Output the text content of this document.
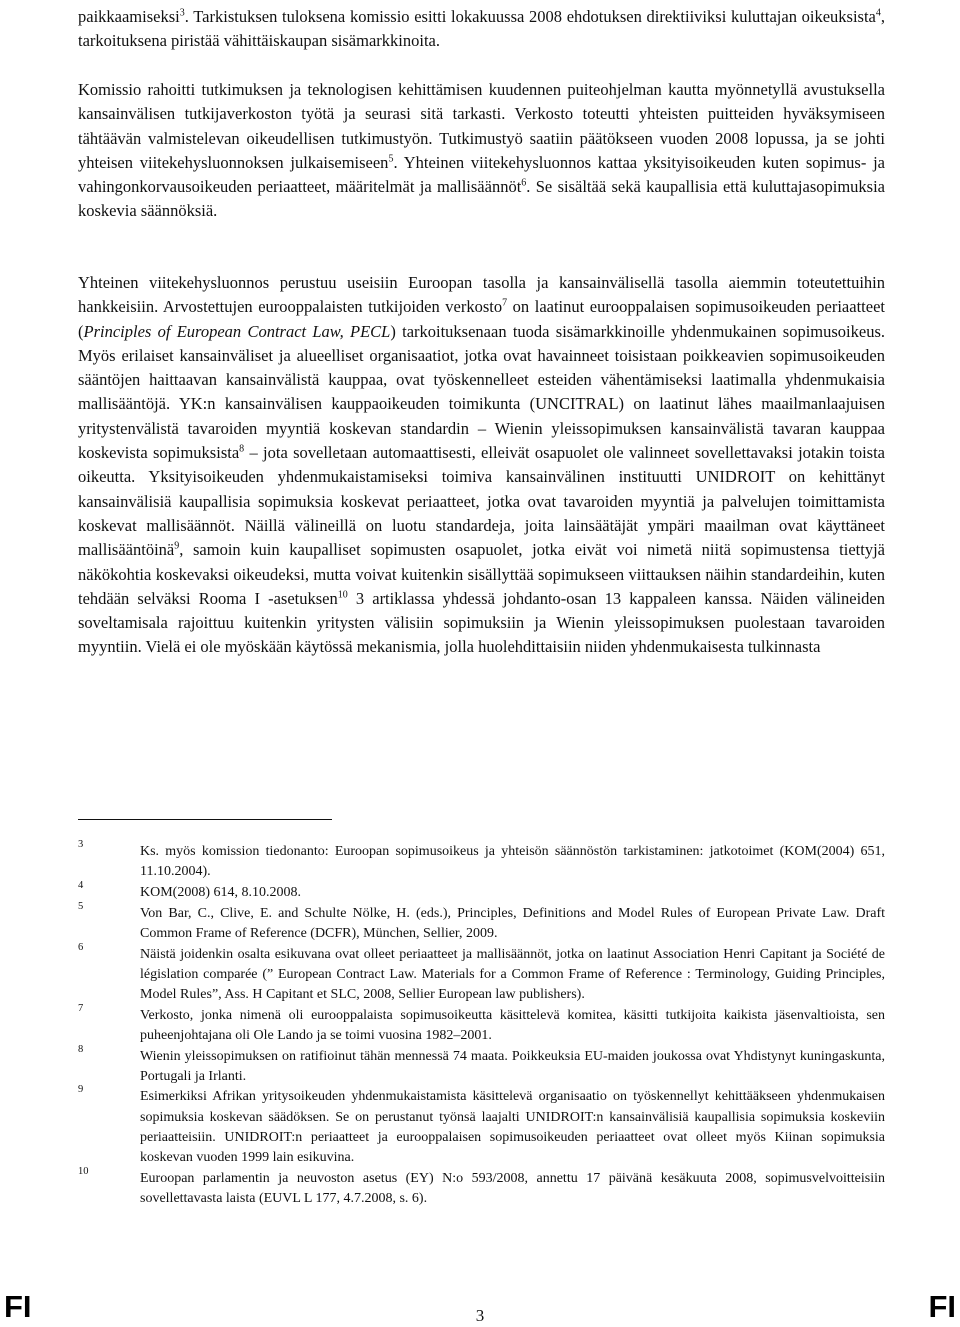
paikkaamiseksi$^3$. Tarkistuksen tuloksena komissio esitti lokakuussa 2008 ehdotuksen direktiiviksi kuluttajan oikeuksista$^4$, tarkoituksena piristää vähittäiskaupan sisämarkkinoita.

Komissio rahoitti tutkimuksen ja teknologisen kehittämisen kuudennen puiteohjelman kautta myönnetyllä avustuksella kansainvälisen tutkijaverkoston työtä ja seurasi sitä tarkasti. Verkosto toteutti yhteisten puitteiden hyväksymiseen tähtäävän valmistelevan oikeudellisen tutkimustyön. Tutkimustyö saatiin päätökseen vuoden 2008 lopussa, ja se johti yhteisen viitekehysluonnoksen julkaisemiseen$^5$. Yhteinen viitekehysluonnos kattaa yksityisoikeuden kuten sopimus- ja vahingonkorvausoikeuden periaatteet, määritelmät ja mallisäännöt$^6$. Se sisältää sekä kaupallisia että kuluttajasopimuksia koskevia säännöksiä.

Yhteinen viitekehysluonnos perustuu useisiin Euroopan tasolla ja kansainvälisellä tasolla aiemmin toteutettuihin hankkeisiin. Arvostettujen eurooppalaisten tutkijoiden verkosto$^7$ on laatinut eurooppalaisen sopimusoikeuden periaatteet (Principles of European Contract Law, PECL) tarkoituksenaan tuoda sisämarkkinoille yhdenmukainen sopimusoikeus. Myös erilaiset kansainväliset ja alueelliset organisaatiot, jotka ovat havainneet toisistaan poikkeavien sopimusoikeuden sääntöjen haittaavan kansainvälistä kauppaa, ovat työskennelleet esteiden vähentämiseksi laatimalla yhdenmukaisia mallisääntöjä. YK:n kansainvälisen kauppaoikeuden toimikunta (UNCITRAL) on laatinut lähes maailmanlaajuisen yritystenvälistä tavaroiden myyntiä koskevan standardin – Wienin yleissopimuksen kansainvälistä tavaran kauppaa koskevista sopimuksista$^8$ – jota sovelletaan automaattisesti, elleivät osapuolet ole valinneet sovellettavaksi jotakin toista oikeutta. Yksityisoikeuden yhdenmukaistamiseksi toimiva kansainvälinen instituutti UNIDROIT on kehittänyt kansainvälisiä kaupallisia sopimuksia koskevat periaatteet, jotka ovat tavaroiden myyntiä ja palvelujen toimittamista koskevat mallisäännöt. Näillä välineillä on luotu standardeja, joita lainsäätäjät ympäri maailman ovat käyttäneet mallisääntöinä$^9$, samoin kuin kaupalliset sopimusten osapuolet, jotka eivät voi nimetä niitä sopimustensa tiettyjä näkökohtia koskevaksi oikeudeksi, mutta voivat kuitenkin sisällyttää sopimukseen viittauksen näihin standardeihin, kuten tehdään selväksi Rooma I -asetuksen$^{10}$ 3 artiklassa yhdessä johdanto-osan 13 kappaleen kanssa. Näiden välineiden soveltamisala rajoittuu kuitenkin yritysten välisiin sopimuksiin ja Wienin yleissopimuksen puolestaan tavaroiden myyntiin. Vielä ei ole myöskään käytössä mekanismia, jolla huolehdittaisiin niiden yhdenmukaisesta tulkinnasta

3	Ks. myös komission tiedonanto: Euroopan sopimusoikeus ja yhteisön säännöstön tarkistaminen: jatkotoimet (KOM(2004) 651, 11.10.2004).
4	KOM(2008) 614, 8.10.2008.
5	Von Bar, C., Clive, E. and Schulte Nölke, H. (eds.), Principles, Definitions and Model Rules of European Private Law. Draft Common Frame of Reference (DCFR), München, Sellier, 2009.
6	Näistä joidenkin osalta esikuvana ovat olleet periaatteet ja mallisäännöt, jotka on laatinut Association Henri Capitant ja Société de législation comparée (” European Contract Law. Materials for a Common Frame of Reference : Terminology, Guiding Principles, Model Rules”, Ass. H Capitant et SLC, 2008, Sellier European law publishers).
7	Verkosto, jonka nimenä oli eurooppalaista sopimusoikeutta käsittelevä komitea, käsitti tutkijoita kaikista jäsenvaltioista, sen puheenjohtajana oli Ole Lando ja se toimi vuosina 1982–2001.
8	Wienin yleissopimuksen on ratifioinut tähän mennessä 74 maata. Poikkeuksia EU-maiden joukossa ovat Yhdistynyt kuningaskunta, Portugali ja Irlanti.
9	Esimerkiksi Afrikan yritysoikeuden yhdenmukaistamista käsittelevä organisaatio on työskennellyt kehittääkseen yhdenmukaisen sopimuksia koskevan säädöksen. Se on perustanut työnsä laajalti UNIDROIT:n kansainvälisiä kaupallisia sopimuksia koskeviin periaatteisiin. UNIDROIT:n periaatteet ja eurooppalaisen sopimusoikeuden periaatteet ovat olleet myös Kiinan sopimuksia koskevan vuoden 1999 lain esikuvina.
10	Euroopan parlamentin ja neuvoston asetus (EY) N:o 593/2008, annettu 17 päivänä kesäkuuta 2008, sopimusvelvoitteisiin sovellettavasta laista (EUVL L 177, 4.7.2008, s. 6).
FI	3	FI
